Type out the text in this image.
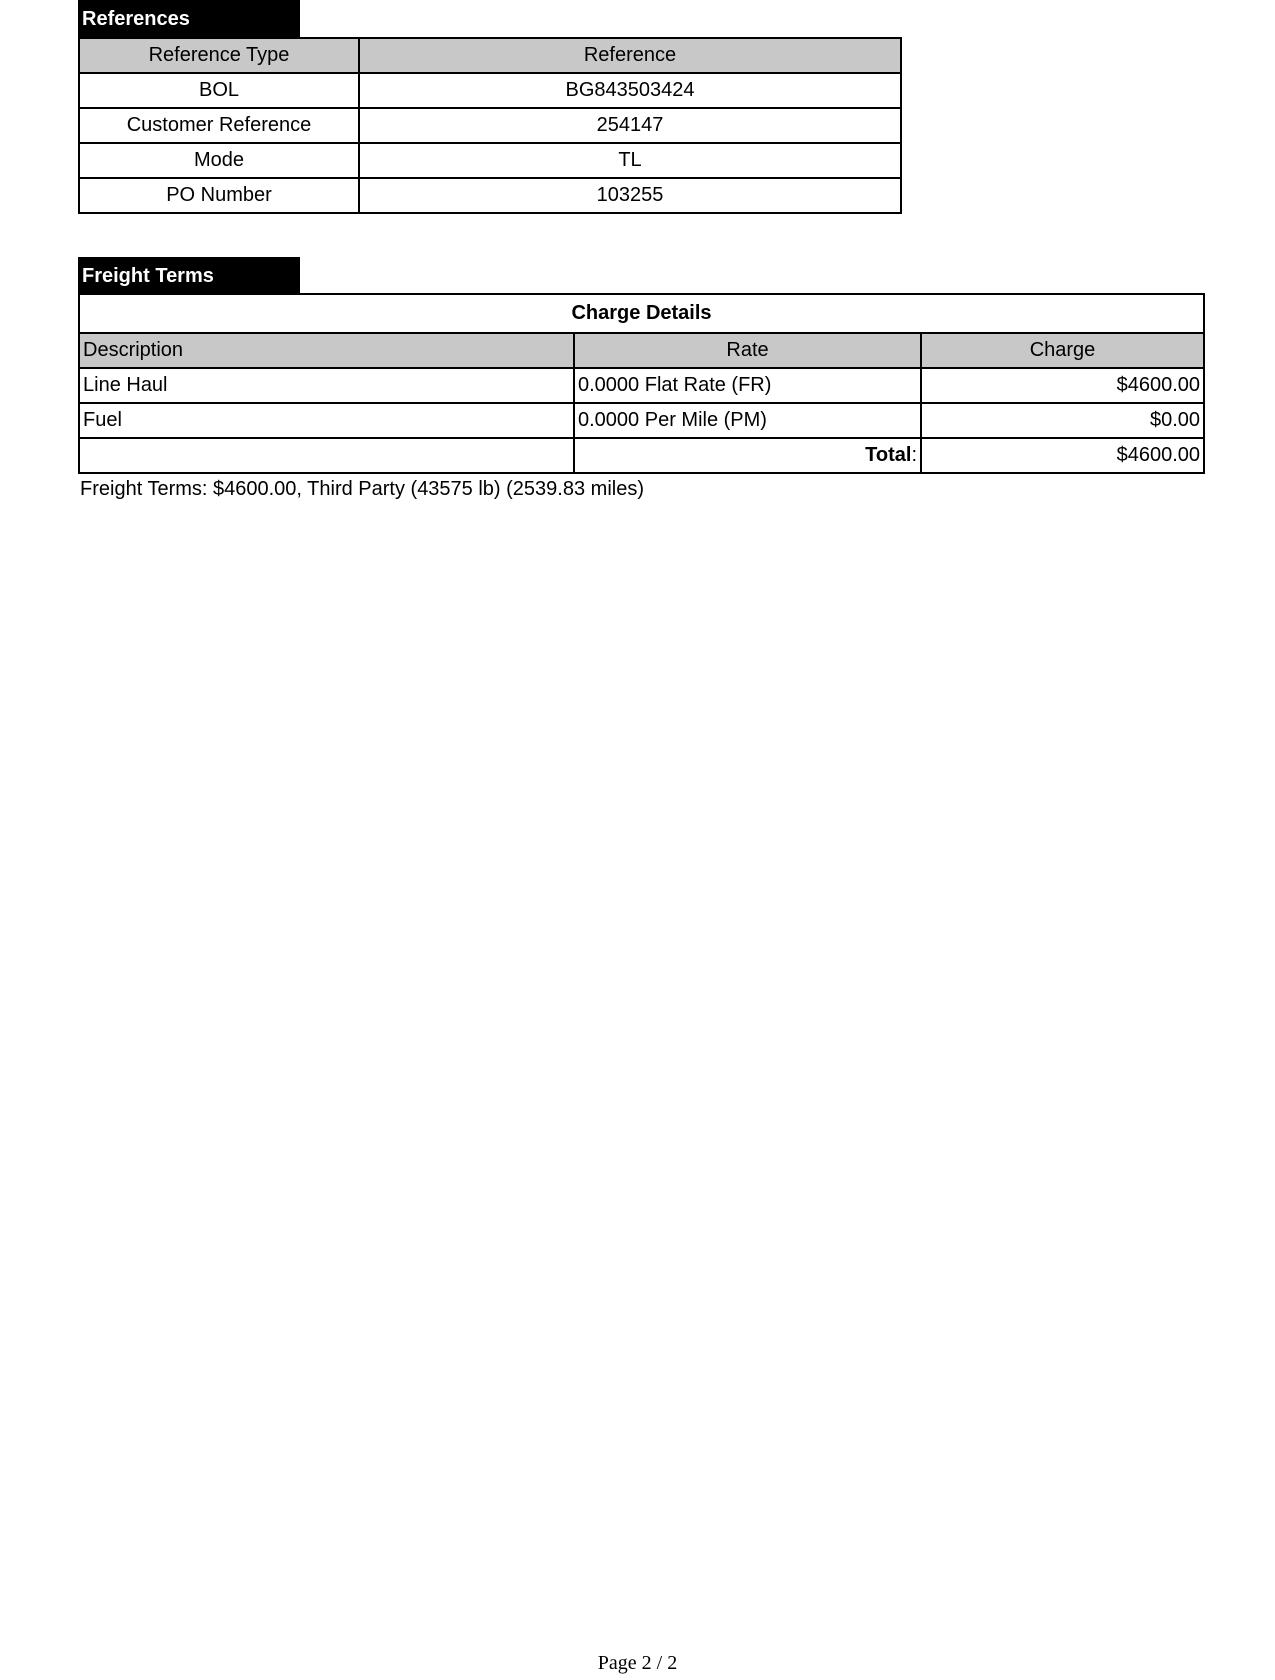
References
Reference Type	Reference
BOL	BG843503424
Customer Reference	254147
Mode	TL
PO Number	103255
Freight Terms
Charge Details		
Description	Rate	Charge
Line Haul	0.0000 Flat Rate (FR)	$4600.00
Fuel	0.0000 Per Mile (PM)	$0.00
	Total:	$4600.00
Freight Terms: $4600.00, Third Party (43575 lb) (2539.83 miles)
Page 2 / 2
